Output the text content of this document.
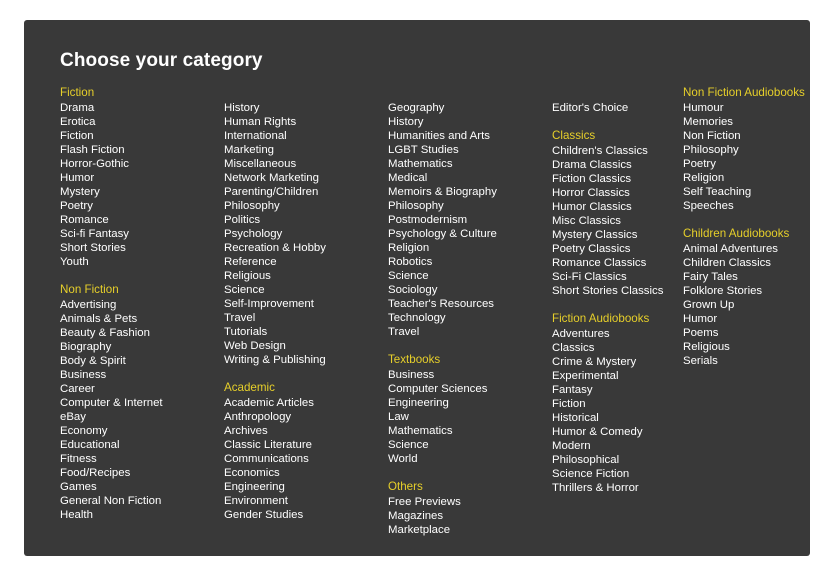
Choose your category
Fiction
Drama
Erotica
Fiction
Flash Fiction
Horror-Gothic
Humor
Mystery
Poetry
Romance
Sci-fi Fantasy
Short Stories
Youth
Non Fiction
Advertising
Animals & Pets
Beauty & Fashion
Biography
Body & Spirit
Business
Career
Computer & Internet
eBay
Economy
Educational
Fitness
Food/Recipes
Games
General Non Fiction
Health
History
Human Rights
International
Marketing
Miscellaneous
Network Marketing
Parenting/Children
Philosophy
Politics
Psychology
Recreation & Hobby
Reference
Religious
Science
Self-Improvement
Travel
Tutorials
Web Design
Writing & Publishing
Academic
Academic Articles
Anthropology
Archives
Classic Literature
Communications
Economics
Engineering
Environment
Gender Studies
Geography
History
Humanities and Arts
LGBT Studies
Mathematics
Medical
Memoirs & Biography
Philosophy
Postmodernism
Psychology & Culture
Religion
Robotics
Science
Sociology
Teacher's Resources
Technology
Travel
Textbooks
Business
Computer Sciences
Engineering
Law
Mathematics
Science
World
Others
Free Previews
Magazines
Marketplace
Editor's Choice
Classics
Children's Classics
Drama Classics
Fiction Classics
Horror Classics
Humor Classics
Misc Classics
Mystery Classics
Poetry Classics
Romance Classics
Sci-Fi Classics
Short Stories Classics
Fiction Audiobooks
Adventures
Classics
Crime & Mystery
Experimental
Fantasy
Fiction
Historical
Humor & Comedy
Modern
Philosophical
Science Fiction
Thrillers & Horror
Non Fiction Audiobooks
Humour
Memories
Non Fiction
Philosophy
Poetry
Religion
Self Teaching
Speeches
Children Audiobooks
Animal Adventures
Children Classics
Fairy Tales
Folklore Stories
Grown Up
Humor
Poems
Religious
Serials
